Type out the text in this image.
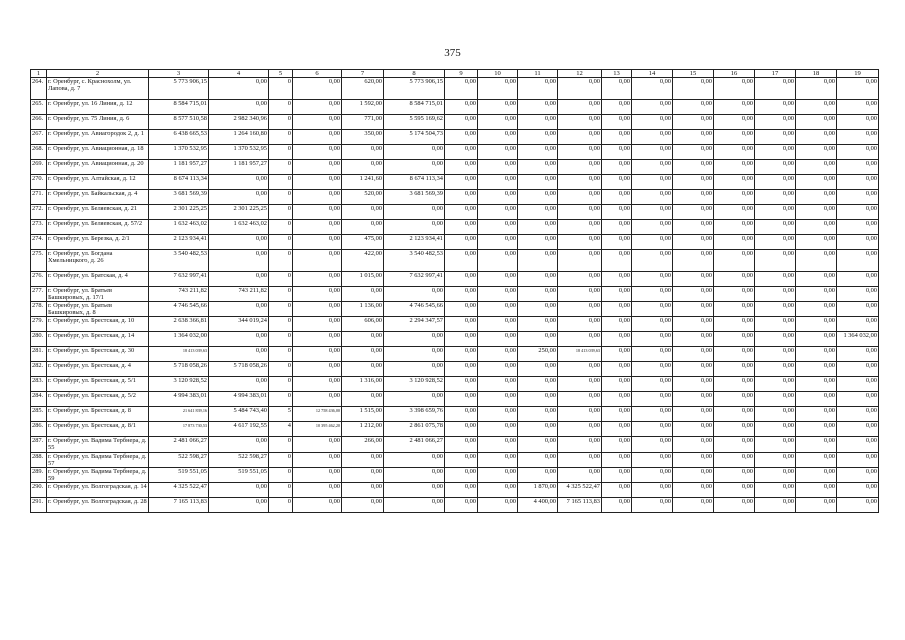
375
1	2	3	4	5	6	7	8	9	10	11	12	13	14	15	16	17	18	19
264.	г. Оренбург, с. Краснохолм, ул. Лапова, д. 7	5 773 906,15	0,00	0	0,00	620,00	5 773 906,15	0,00	0,00	0,00	0,00	0,00	0,00	0,00	0,00	0,00	0,00	0,00
265.	г. Оренбург, ул. 16 Линия, д. 12	8 584 715,01	0,00	0	0,00	1 592,00	8 584 715,01	0,00	0,00	0,00	0,00	0,00	0,00	0,00	0,00	0,00	0,00	0,00
266.	г. Оренбург, ул. 75 Линия, д. 6	8 577 510,58	2 982 340,96	0	0,00	771,00	5 595 169,62	0,00	0,00	0,00	0,00	0,00	0,00	0,00	0,00	0,00	0,00	0,00
267.	г. Оренбург, ул. Авиагородок 2, д. 1	6 438 665,53	1 264 160,80	0	0,00	350,00	5 174 504,73	0,00	0,00	0,00	0,00	0,00	0,00	0,00	0,00	0,00	0,00	0,00
268.	г. Оренбург, ул. Авиационная, д. 18	1 370 532,95	1 370 532,95	0	0,00	0,00	0,00	0,00	0,00	0,00	0,00	0,00	0,00	0,00	0,00	0,00	0,00	0,00
269.	г. Оренбург, ул. Авиационная, д. 20	1 181 957,27	1 181 957,27	0	0,00	0,00	0,00	0,00	0,00	0,00	0,00	0,00	0,00	0,00	0,00	0,00	0,00	0,00
270.	г. Оренбург, ул. Алтайская, д. 12	8 674 113,34	0,00	0	0,00	1 241,60	8 674 113,34	0,00	0,00	0,00	0,00	0,00	0,00	0,00	0,00	0,00	0,00	0,00
271.	г. Оренбург, ул. Байкальская, д. 4	3 681 569,39	0,00	0	0,00	520,00	3 681 569,39	0,00	0,00	0,00	0,00	0,00	0,00	0,00	0,00	0,00	0,00	0,00
272.	г. Оренбург, ул. Беляевская, д. 21	2 301 225,25	2 301 225,25	0	0,00	0,00	0,00	0,00	0,00	0,00	0,00	0,00	0,00	0,00	0,00	0,00	0,00	0,00
273.	г. Оренбург, ул. Беляевская, д. 57/2	1 632 463,02	1 632 463,02	0	0,00	0,00	0,00	0,00	0,00	0,00	0,00	0,00	0,00	0,00	0,00	0,00	0,00	0,00
274.	г. Оренбург, ул. Березка, д. 2/1	2 123 934,41	0,00	0	0,00	475,00	2 123 934,41	0,00	0,00	0,00	0,00	0,00	0,00	0,00	0,00	0,00	0,00	0,00
275.	г. Оренбург, ул. Богдана Хмельницкого, д. 26	3 540 482,53	0,00	0	0,00	422,00	3 540 482,53	0,00	0,00	0,00	0,00	0,00	0,00	0,00	0,00	0,00	0,00	0,00
276.	г. Оренбург, ул. Братская, д. 4	7 632 997,41	0,00	0	0,00	1 015,00	7 632 997,41	0,00	0,00	0,00	0,00	0,00	0,00	0,00	0,00	0,00	0,00	0,00
277.	г. Оренбург, ул. Братьев Башкировых, д. 17/1	743 211,82	743 211,82	0	0,00	0,00	0,00	0,00	0,00	0,00	0,00	0,00	0,00	0,00	0,00	0,00	0,00	0,00
278.	г. Оренбург, ул. Братьев Башкировых, д. 8	4 746 545,66	0,00	0	0,00	1 136,00	4 746 545,66	0,00	0,00	0,00	0,00	0,00	0,00	0,00	0,00	0,00	0,00	0,00
279.	г. Оренбург, ул. Брестская, д. 10	2 638 366,81	344 019,24	0	0,00	606,00	2 294 347,57	0,00	0,00	0,00	0,00	0,00	0,00	0,00	0,00	0,00	0,00	0,00
280.	г. Оренбург, ул. Брестская, д. 14	1 364 032,00	0,00	0	0,00	0,00	0,00	0,00	0,00	0,00	0,00	0,00	0,00	0,00	0,00	0,00	0,00	1 364 032,00
281.	г. Оренбург, ул. Брестская, д. 30	18 413 039,63	0,00	0	0,00	0,00	0,00	0,00	0,00	250,00	18 413 039,63	0,00	0,00	0,00	0,00	0,00	0,00	0,00
282.	г. Оренбург, ул. Брестская, д. 4	5 718 058,26	5 718 058,26	0	0,00	0,00	0,00	0,00	0,00	0,00	0,00	0,00	0,00	0,00	0,00	0,00	0,00	0,00
283.	г. Оренбург, ул. Брестская, д. 5/1	3 120 928,52	0,00	0	0,00	1 316,00	3 120 928,52	0,00	0,00	0,00	0,00	0,00	0,00	0,00	0,00	0,00	0,00	0,00
284.	г. Оренбург, ул. Брестская, д. 5/2	4 994 383,01	4 994 383,01	0	0,00	0,00	0,00	0,00	0,00	0,00	0,00	0,00	0,00	0,00	0,00	0,00	0,00	0,00
285.	г. Оренбург, ул. Брестская, д. 8	21 641 839,16	5 484 743,40	5	12 758 436,00	1 515,00	3 398 659,76	0,00	0,00	0,00	0,00	0,00	0,00	0,00	0,00	0,00	0,00	0,00
286.	г. Оренбург, ул. Брестская, д. 8/1	17 873 730,53	4 617 192,55	4	10 395 462,20	1 212,00	2 861 075,78	0,00	0,00	0,00	0,00	0,00	0,00	0,00	0,00	0,00	0,00	0,00
287.	г. Оренбург, ул. Вадима Тербнера, д. 55	2 481 066,27	0,00	0	0,00	266,00	2 481 066,27	0,00	0,00	0,00	0,00	0,00	0,00	0,00	0,00	0,00	0,00	0,00
288.	г. Оренбург, ул. Вадима Тербнера, д. 57	522 598,27	522 598,27	0	0,00	0,00	0,00	0,00	0,00	0,00	0,00	0,00	0,00	0,00	0,00	0,00	0,00	0,00
289.	г. Оренбург, ул. Вадима Тербнера, д. 59	519 551,05	519 551,05	0	0,00	0,00	0,00	0,00	0,00	0,00	0,00	0,00	0,00	0,00	0,00	0,00	0,00	0,00
290.	г. Оренбург, ул. Волгоградская, д. 14	4 325 522,47	0,00	0	0,00	0,00	0,00	0,00	0,00	1 870,00	4 325 522,47	0,00	0,00	0,00	0,00	0,00	0,00	0,00
291.	г. Оренбург, ул. Волгоградская, д. 28	7 165 113,83	0,00	0	0,00	0,00	0,00	0,00	0,00	4 400,00	7 165 113,83	0,00	0,00	0,00	0,00	0,00	0,00	0,00
